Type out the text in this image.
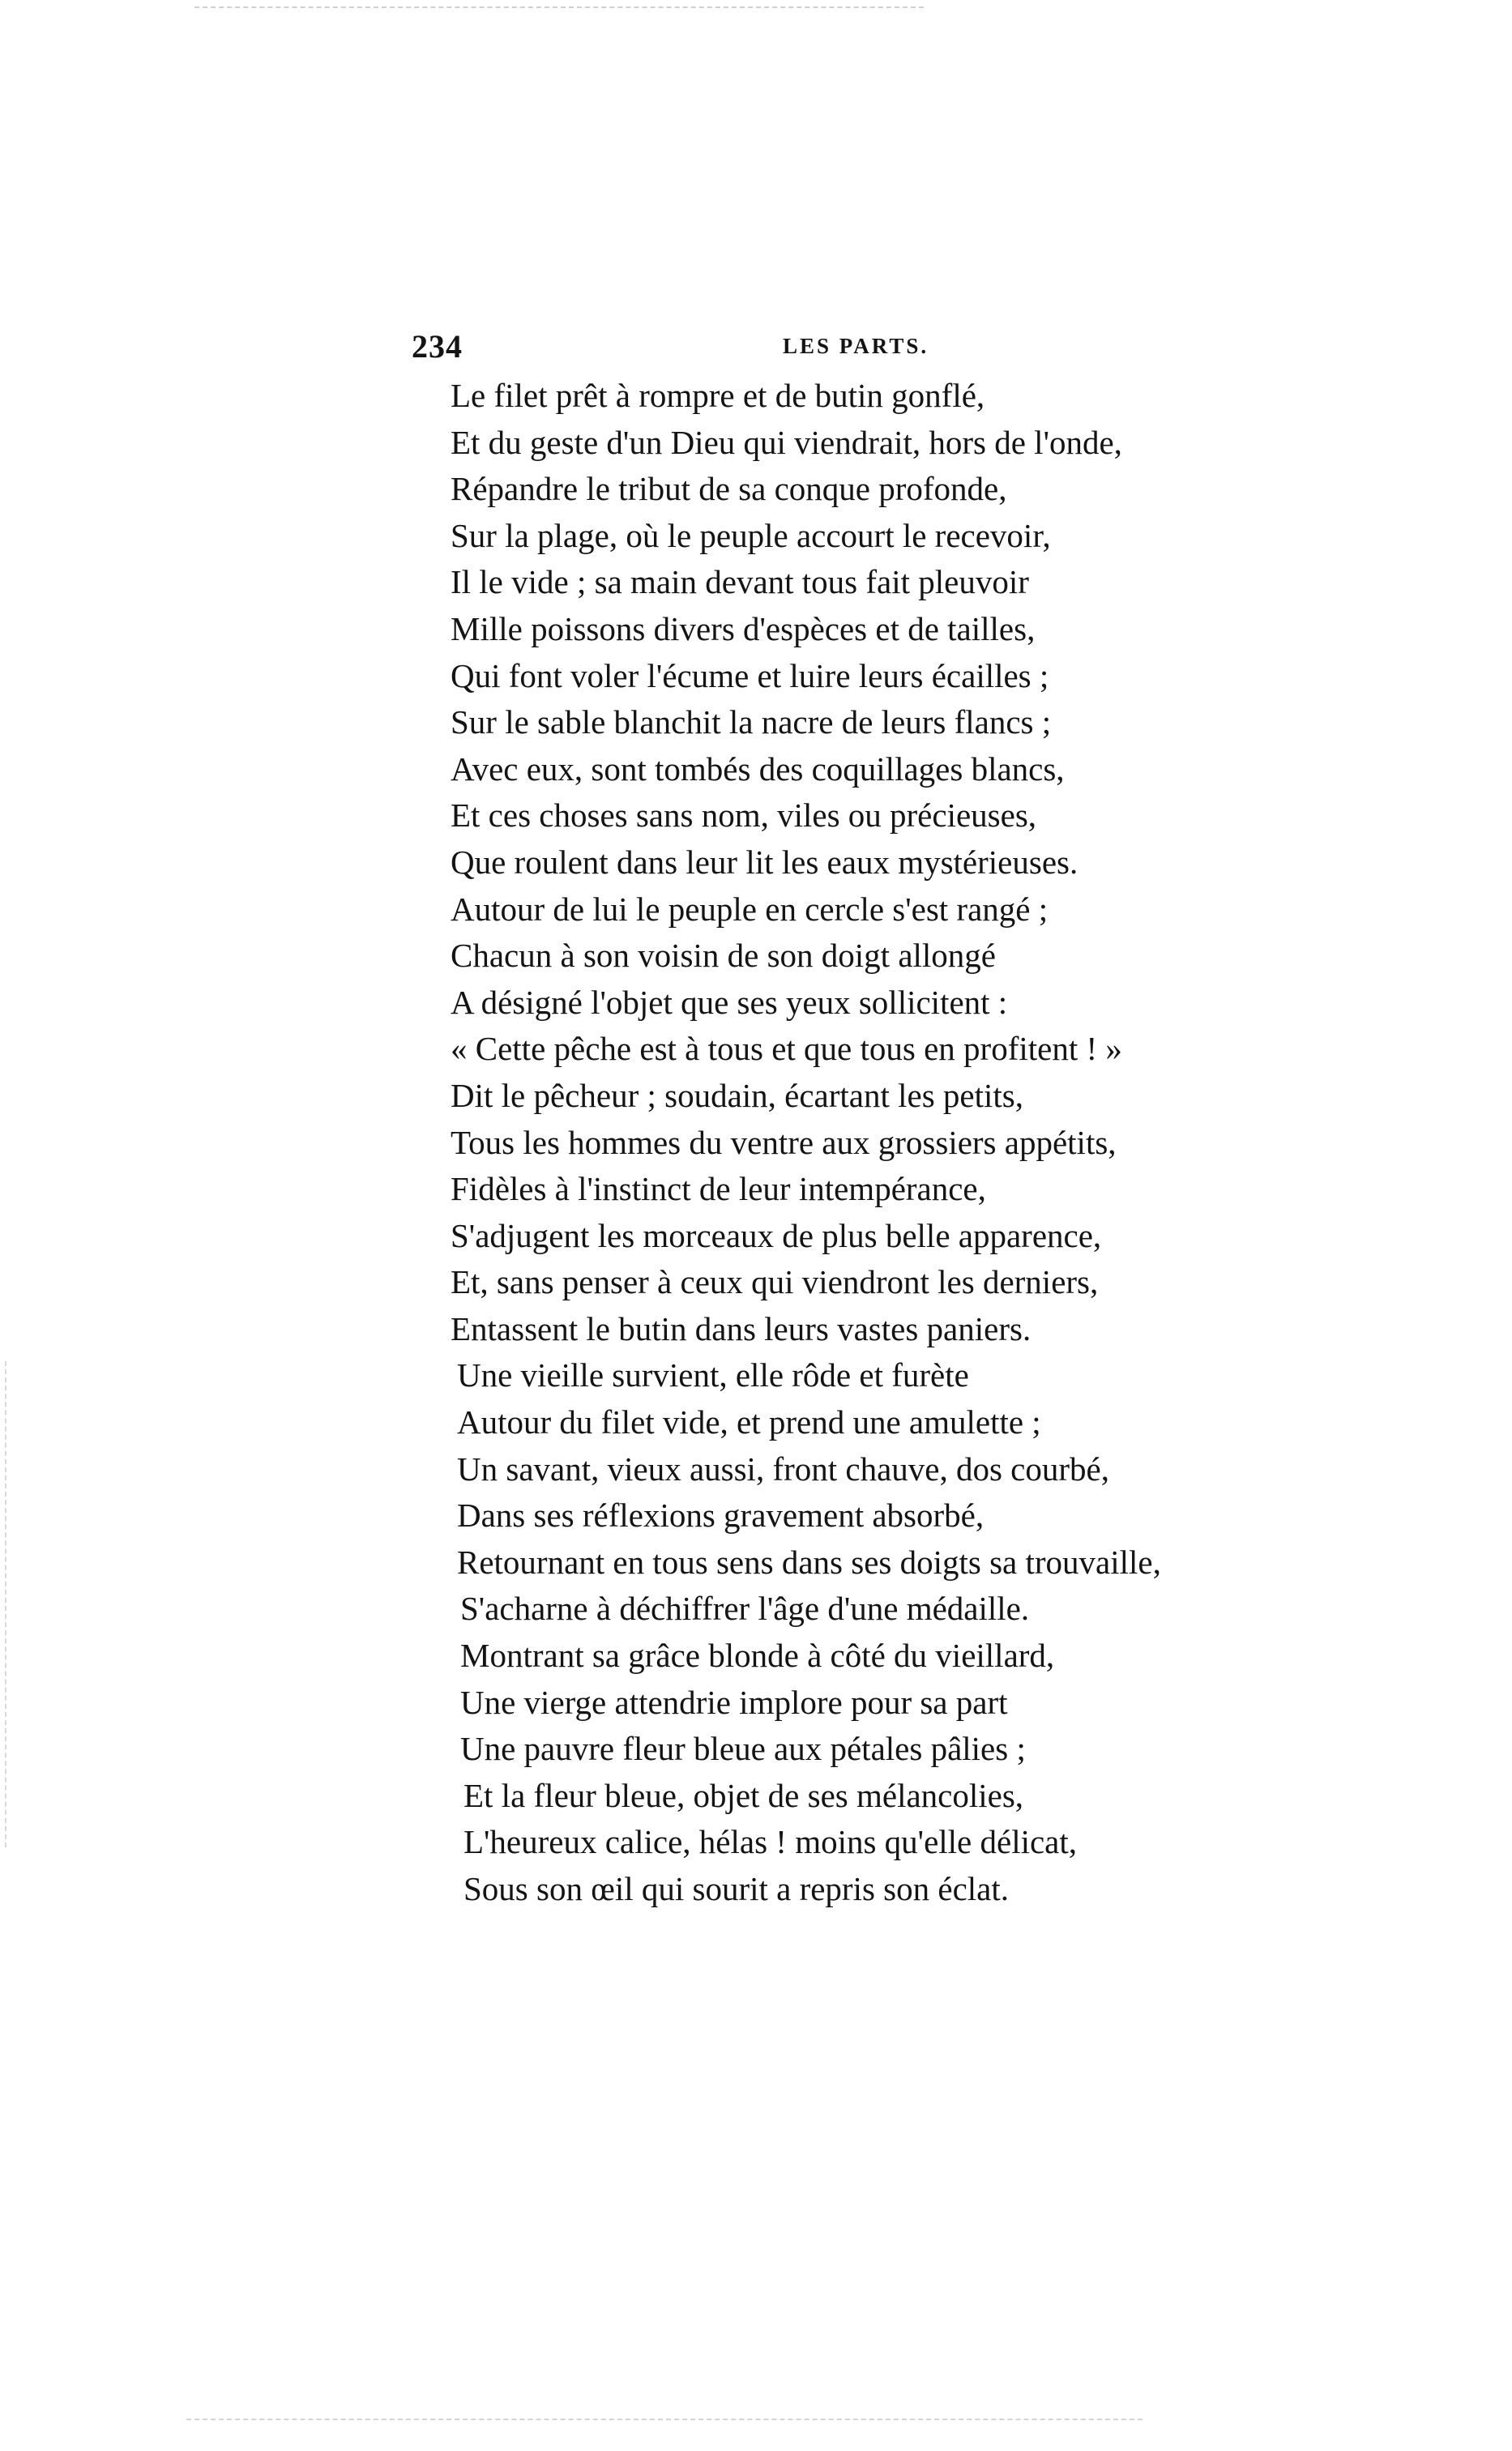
234	LES PARTS.
Le filet prêt à rompre et de butin gonflé,
Et du geste d'un Dieu qui viendrait, hors de l'onde,
Répandre le tribut de sa conque profonde,
Sur la plage, où le peuple accourt le recevoir,
Il le vide ; sa main devant tous fait pleuvoir
Mille poissons divers d'espèces et de tailles,
Qui font voler l'écume et luire leurs écailles ;
Sur le sable blanchit la nacre de leurs flancs ;
Avec eux, sont tombés des coquillages blancs,
Et ces choses sans nom, viles ou précieuses,
Que roulent dans leur lit les eaux mystérieuses.
Autour de lui le peuple en cercle s'est rangé ;
Chacun à son voisin de son doigt allongé
A désigné l'objet que ses yeux sollicitent :
« Cette pêche est à tous et que tous en profitent ! »
Dit le pêcheur ; soudain, écartant les petits,
Tous les hommes du ventre aux grossiers appétits,
Fidèles à l'instinct de leur intempérance,
S'adjugent les morceaux de plus belle apparence,
Et, sans penser à ceux qui viendront les derniers,
Entassent le butin dans leurs vastes paniers.
Une vieille survient, elle rôde et furète
Autour du filet vide, et prend une amulette ;
Un savant, vieux aussi, front chauve, dos courbé,
Dans ses réflexions gravement absorbé,
Retournant en tous sens dans ses doigts sa trouvaille,
S'acharne à déchiffrer l'âge d'une médaille.
Montrant sa grâce blonde à côté du vieillard,
Une vierge attendrie implore pour sa part
Une pauvre fleur bleue aux pétales pâlies ;
Et la fleur bleue, objet de ses mélancolies,
L'heureux calice, hélas ! moins qu'elle délicat,
Sous son œil qui sourit a repris son éclat.
